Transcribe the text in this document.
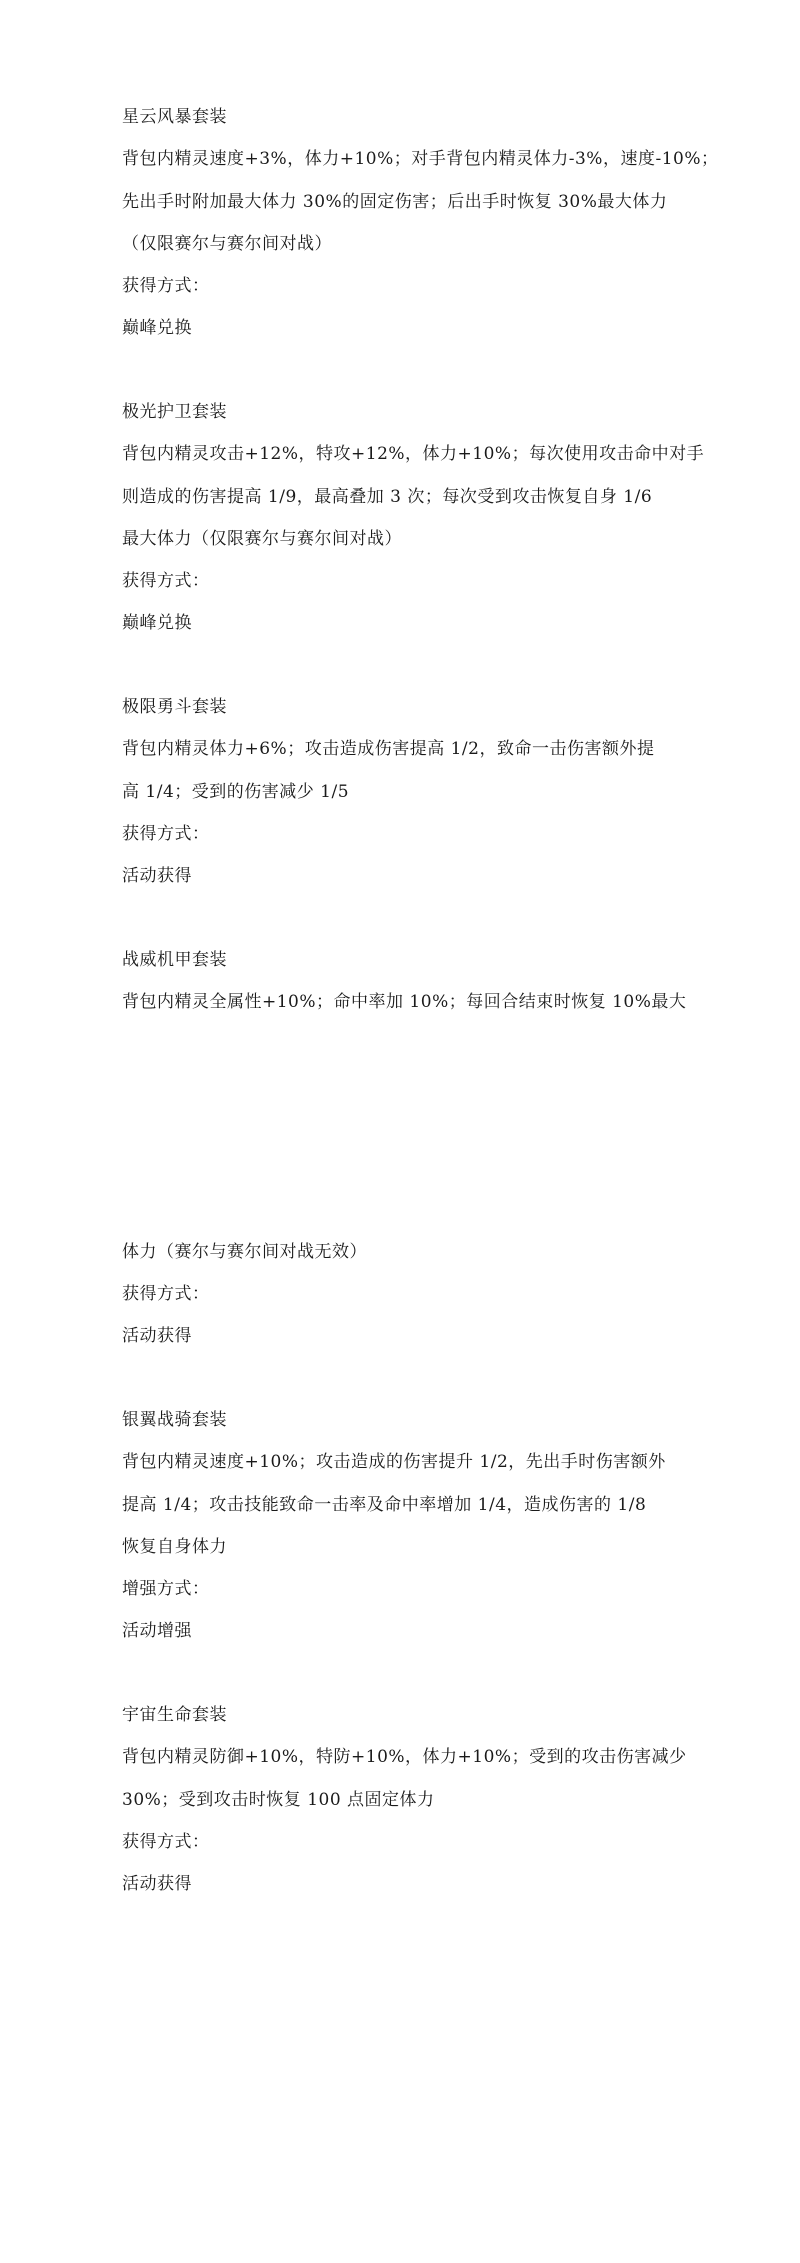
星云风暴套装

背包内精灵速度+3%，体力+10%；对手背包内精灵体力-3%，速度-10%；

先出手时附加最大体力 30%的固定伤害；后出手时恢复 30%最大体力

（仅限赛尔与赛尔间对战）

获得方式：

巅峰兑换

极光护卫套装

背包内精灵攻击+12%，特攻+12%，体力+10%；每次使用攻击命中对手

则造成的伤害提高 1/9，最高叠加 3 次；每次受到攻击恢复自身 1/6

最大体力（仅限赛尔与赛尔间对战）

获得方式：

巅峰兑换

极限勇斗套装

背包内精灵体力+6%；攻击造成伤害提高 1/2，致命一击伤害额外提

高 1/4；受到的伤害减少 1/5

获得方式：

活动获得

战威机甲套装

背包内精灵全属性+10%；命中率加 10%；每回合结束时恢复 10%最大

体力（赛尔与赛尔间对战无效）

获得方式：

活动获得

银翼战骑套装

背包内精灵速度+10%；攻击造成的伤害提升 1/2，先出手时伤害额外

提高 1/4；攻击技能致命一击率及命中率增加 1/4，造成伤害的 1/8

恢复自身体力

增强方式：

活动增强

宇宙生命套装

背包内精灵防御+10%，特防+10%，体力+10%；受到的攻击伤害减少

30%；受到攻击时恢复 100 点固定体力

获得方式：

活动获得
